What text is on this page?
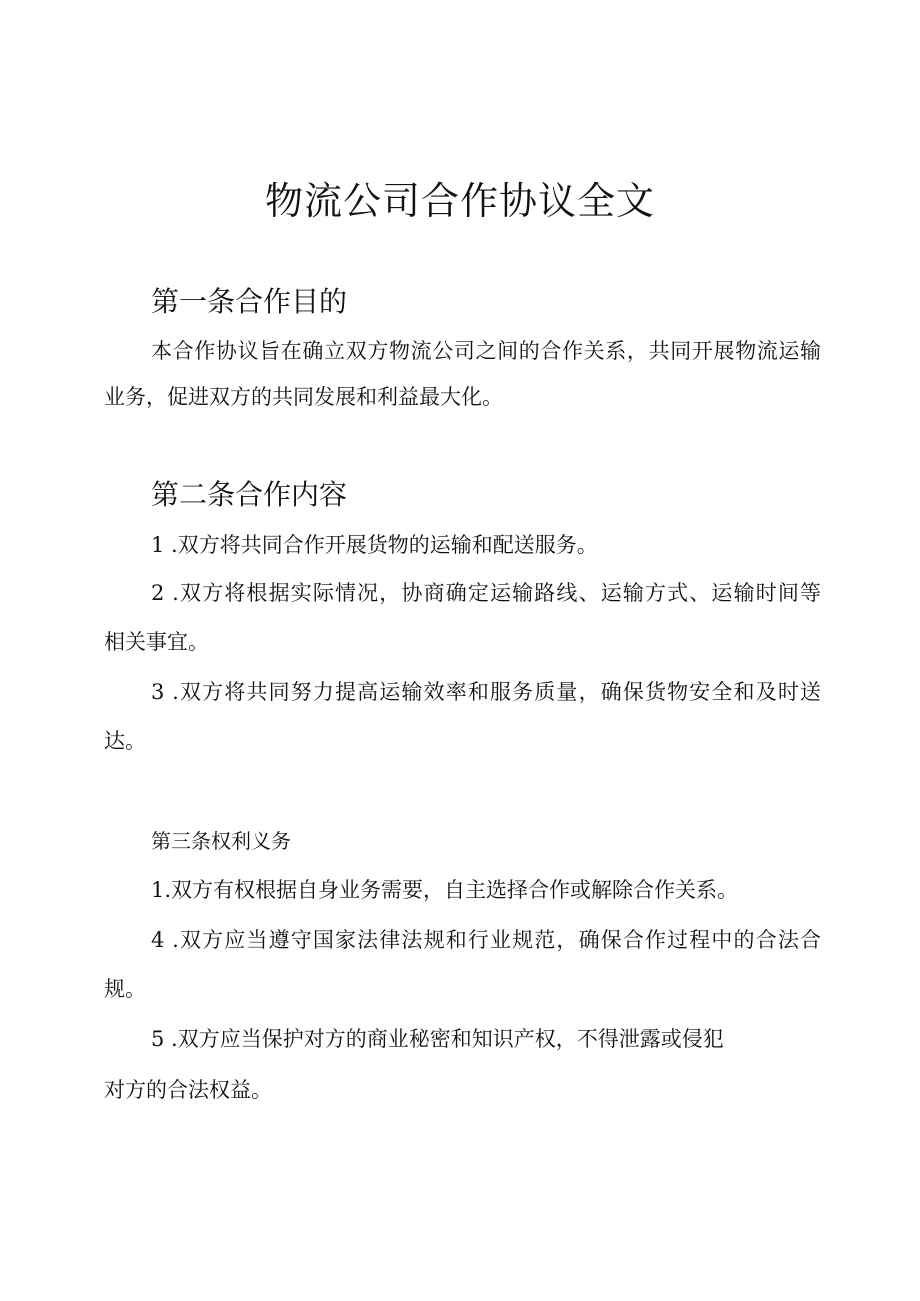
物流公司合作协议全文
第一条合作目的

本合作协议旨在确立双方物流公司之间的合作关系，共同开展物流运输

业务，促进双方的共同发展和利益最大化。

第二条合作内容

1 .双方将共同合作开展货物的运输和配送服务。

2 .双方将根据实际情况，协商确定运输路线、运输方式、运输时间等

相关事宜。

3 .双方将共同努力提高运输效率和服务质量，确保货物安全和及时送

达。

第三条权利义务

1.双方有权根据自身业务需要，自主选择合作或解除合作关系。

4 .双方应当遵守国家法律法规和行业规范，确保合作过程中的合法合

规。

5 .双方应当保护对方的商业秘密和知识产权，不得泄露或侵犯

对方的合法权益。
